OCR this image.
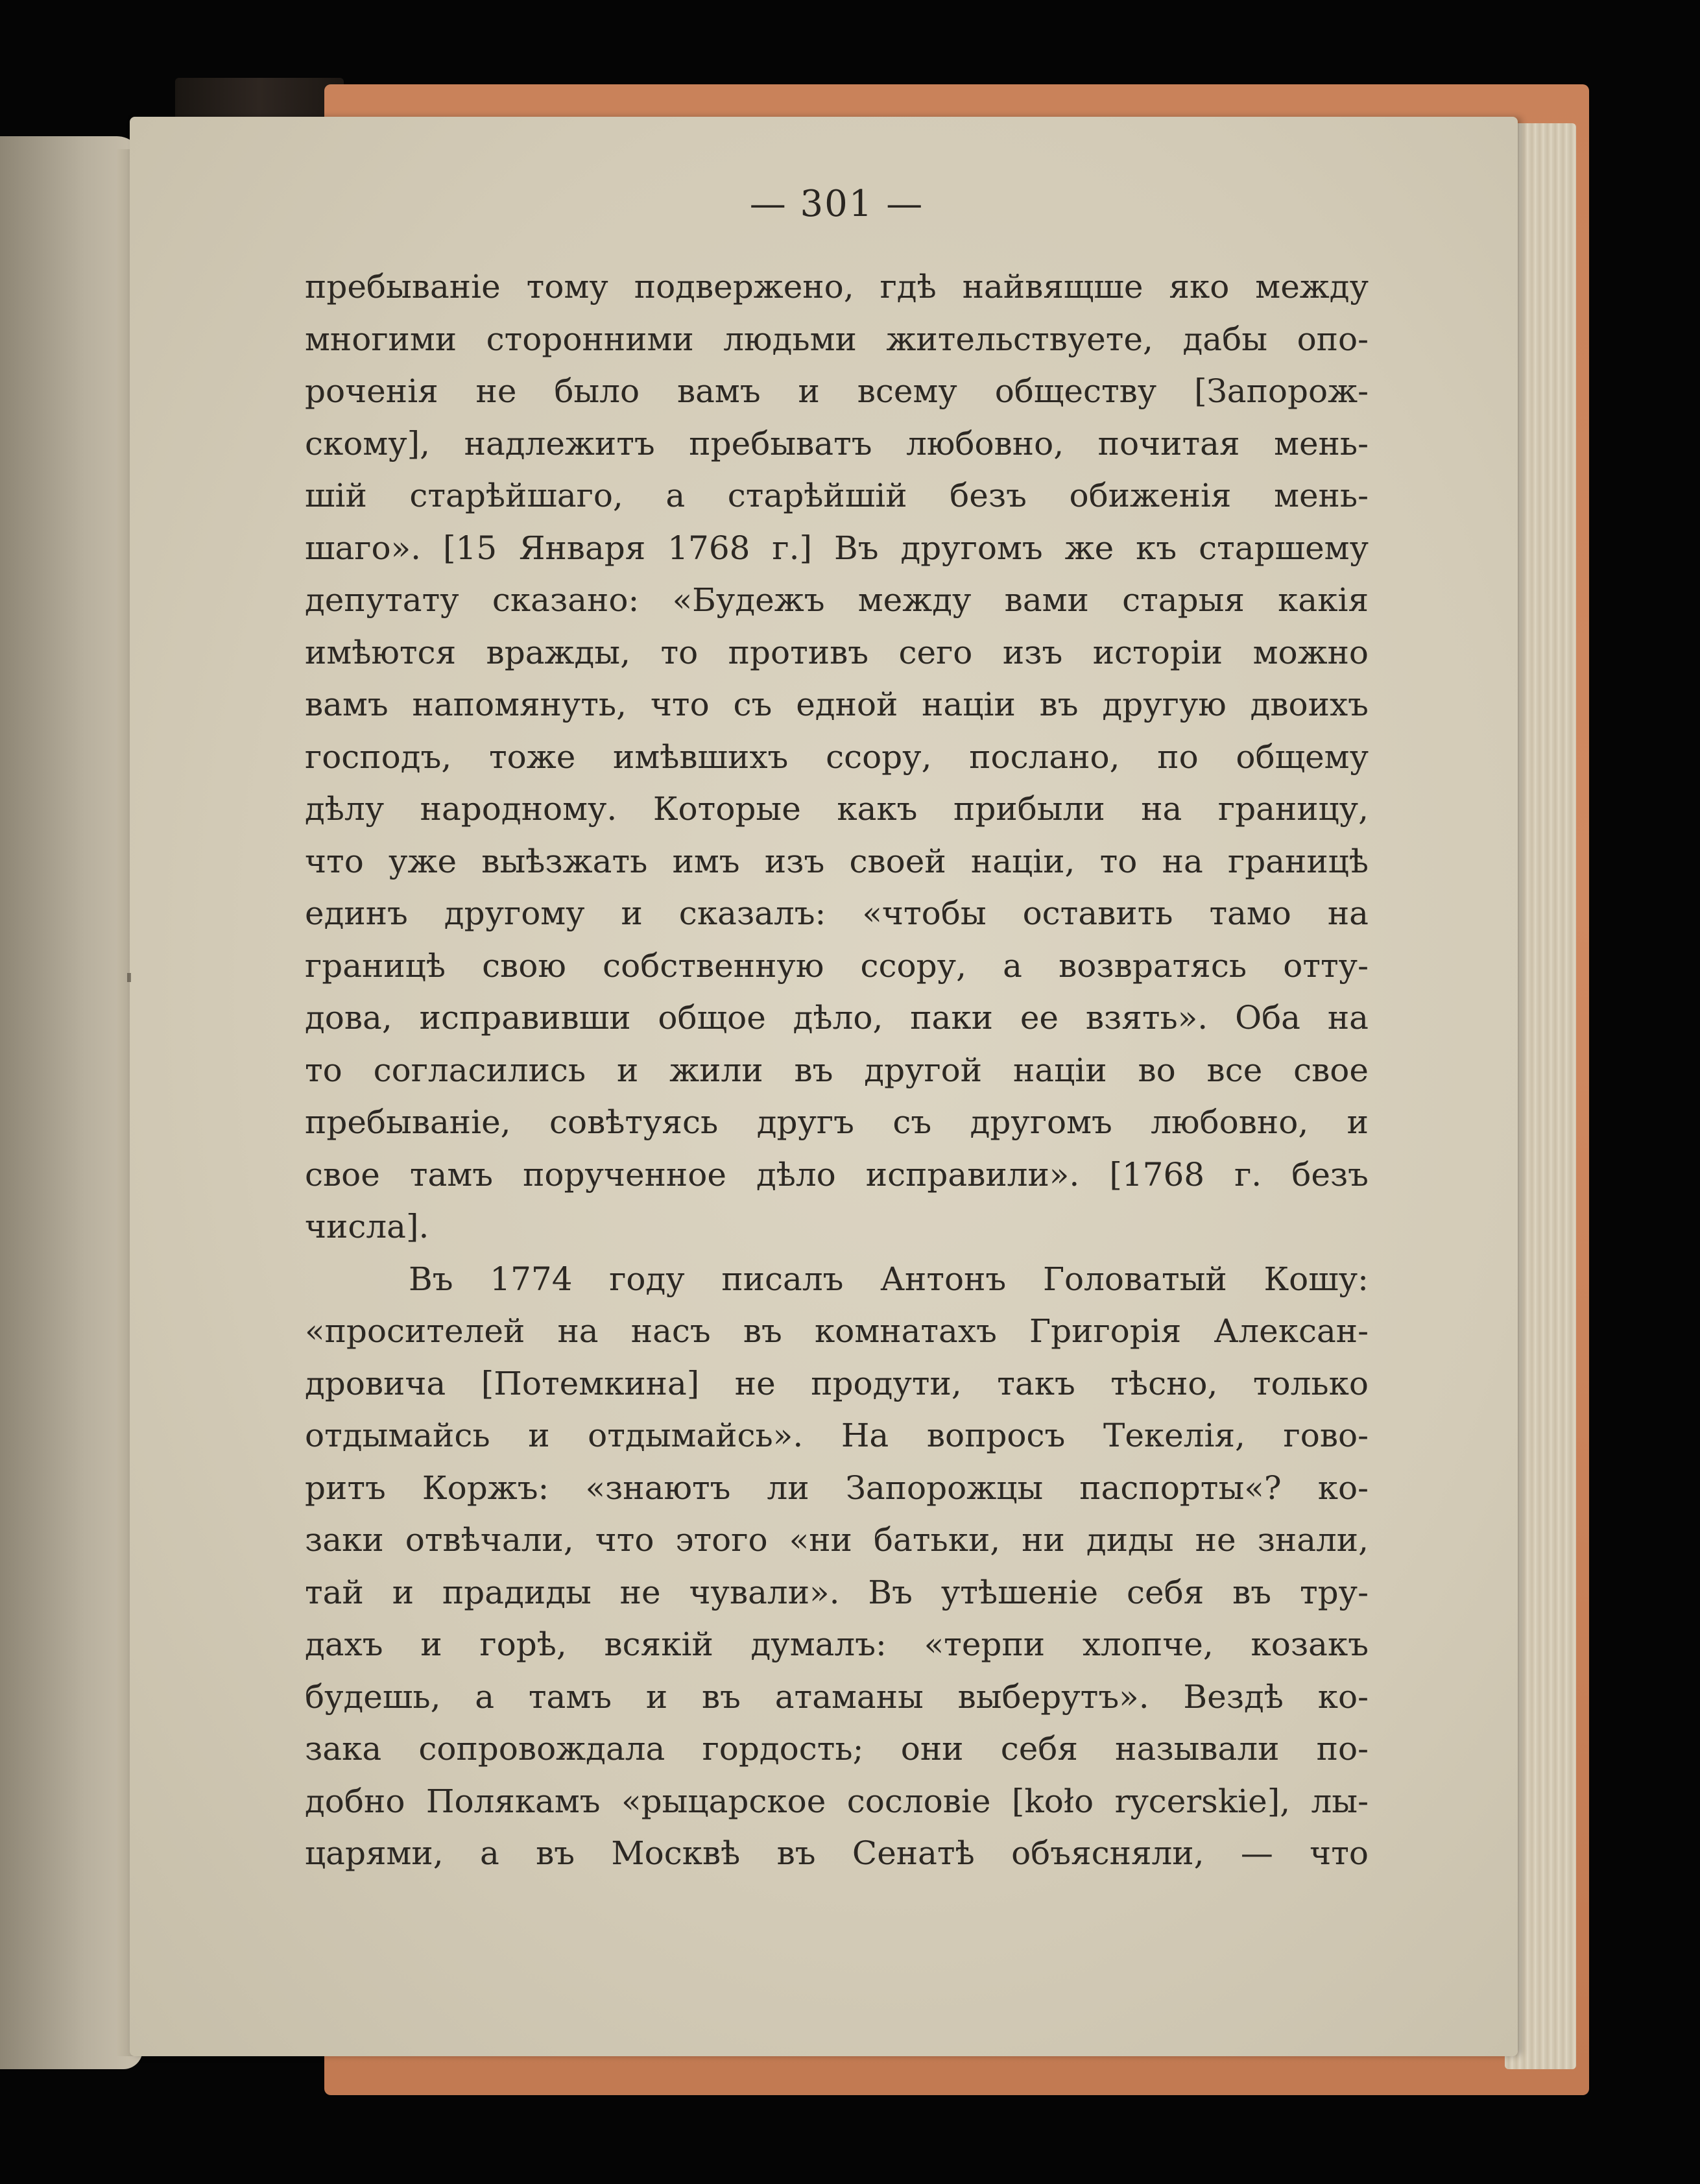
— 301 —
пребываніе тому подвержено, гдѣ найвящше яко между
многими сторонними людьми жительствуете, дабы опо-
роченія не было вамъ и всему обществу [Запорож-
скому], надлежитъ пребыватъ любовно, почитая мень-
шій старѣйшаго, а старѣйшій безъ обиженія мень-
шаго». [15 Января 1768 г.] Въ другомъ же къ старшему
депутату сказано: «Будежъ между вами старыя какія
имѣются вражды, то противъ сего изъ исторіи можно
вамъ напомянуть, что съ едной націи въ другую двоихъ
господъ, тоже имѣвшихъ ссору, послано, по общему
дѣлу народному. Которые какъ прибыли на границу,
что уже выѣзжать имъ изъ своей націи, то на границѣ
единъ другому и сказалъ: «чтобы оставить тамо на
границѣ свою собственную ссору, а возвратясь отту-
дова, исправивши общое дѣло, паки ее взять». Оба на
то согласились и жили въ другой націи во все свое
пребываніе, совѣтуясь другъ съ другомъ любовно, и
свое тамъ порученное дѣло исправили». [1768 г. безъ
числа].
Въ 1774 году писалъ Антонъ Головатый Кошу:
«просителей на насъ въ комнатахъ Григорія Алексан-
дровича [Потемкина] не продути, такъ тѣсно, только
отдымайсь и отдымайсь». На вопросъ Текелія, гово-
ритъ Коржъ: «знаютъ ли Запорожцы паспорты«? ко-
заки отвѣчали, что этого «ни батьки, ни диды не знали,
тай и прадиды не чували». Въ утѣшеніе себя въ тру-
дахъ и горѣ, всякій думалъ: «терпи хлопче, козакъ
будешь, а тамъ и въ атаманы выберутъ». Вездѣ ко-
зака сопровождала гордость; они себя называли по-
добно Полякамъ «рыцарское сословіе [koło rycerskie], лы-
царями, а въ Москвѣ въ Сенатѣ объясняли, — что
